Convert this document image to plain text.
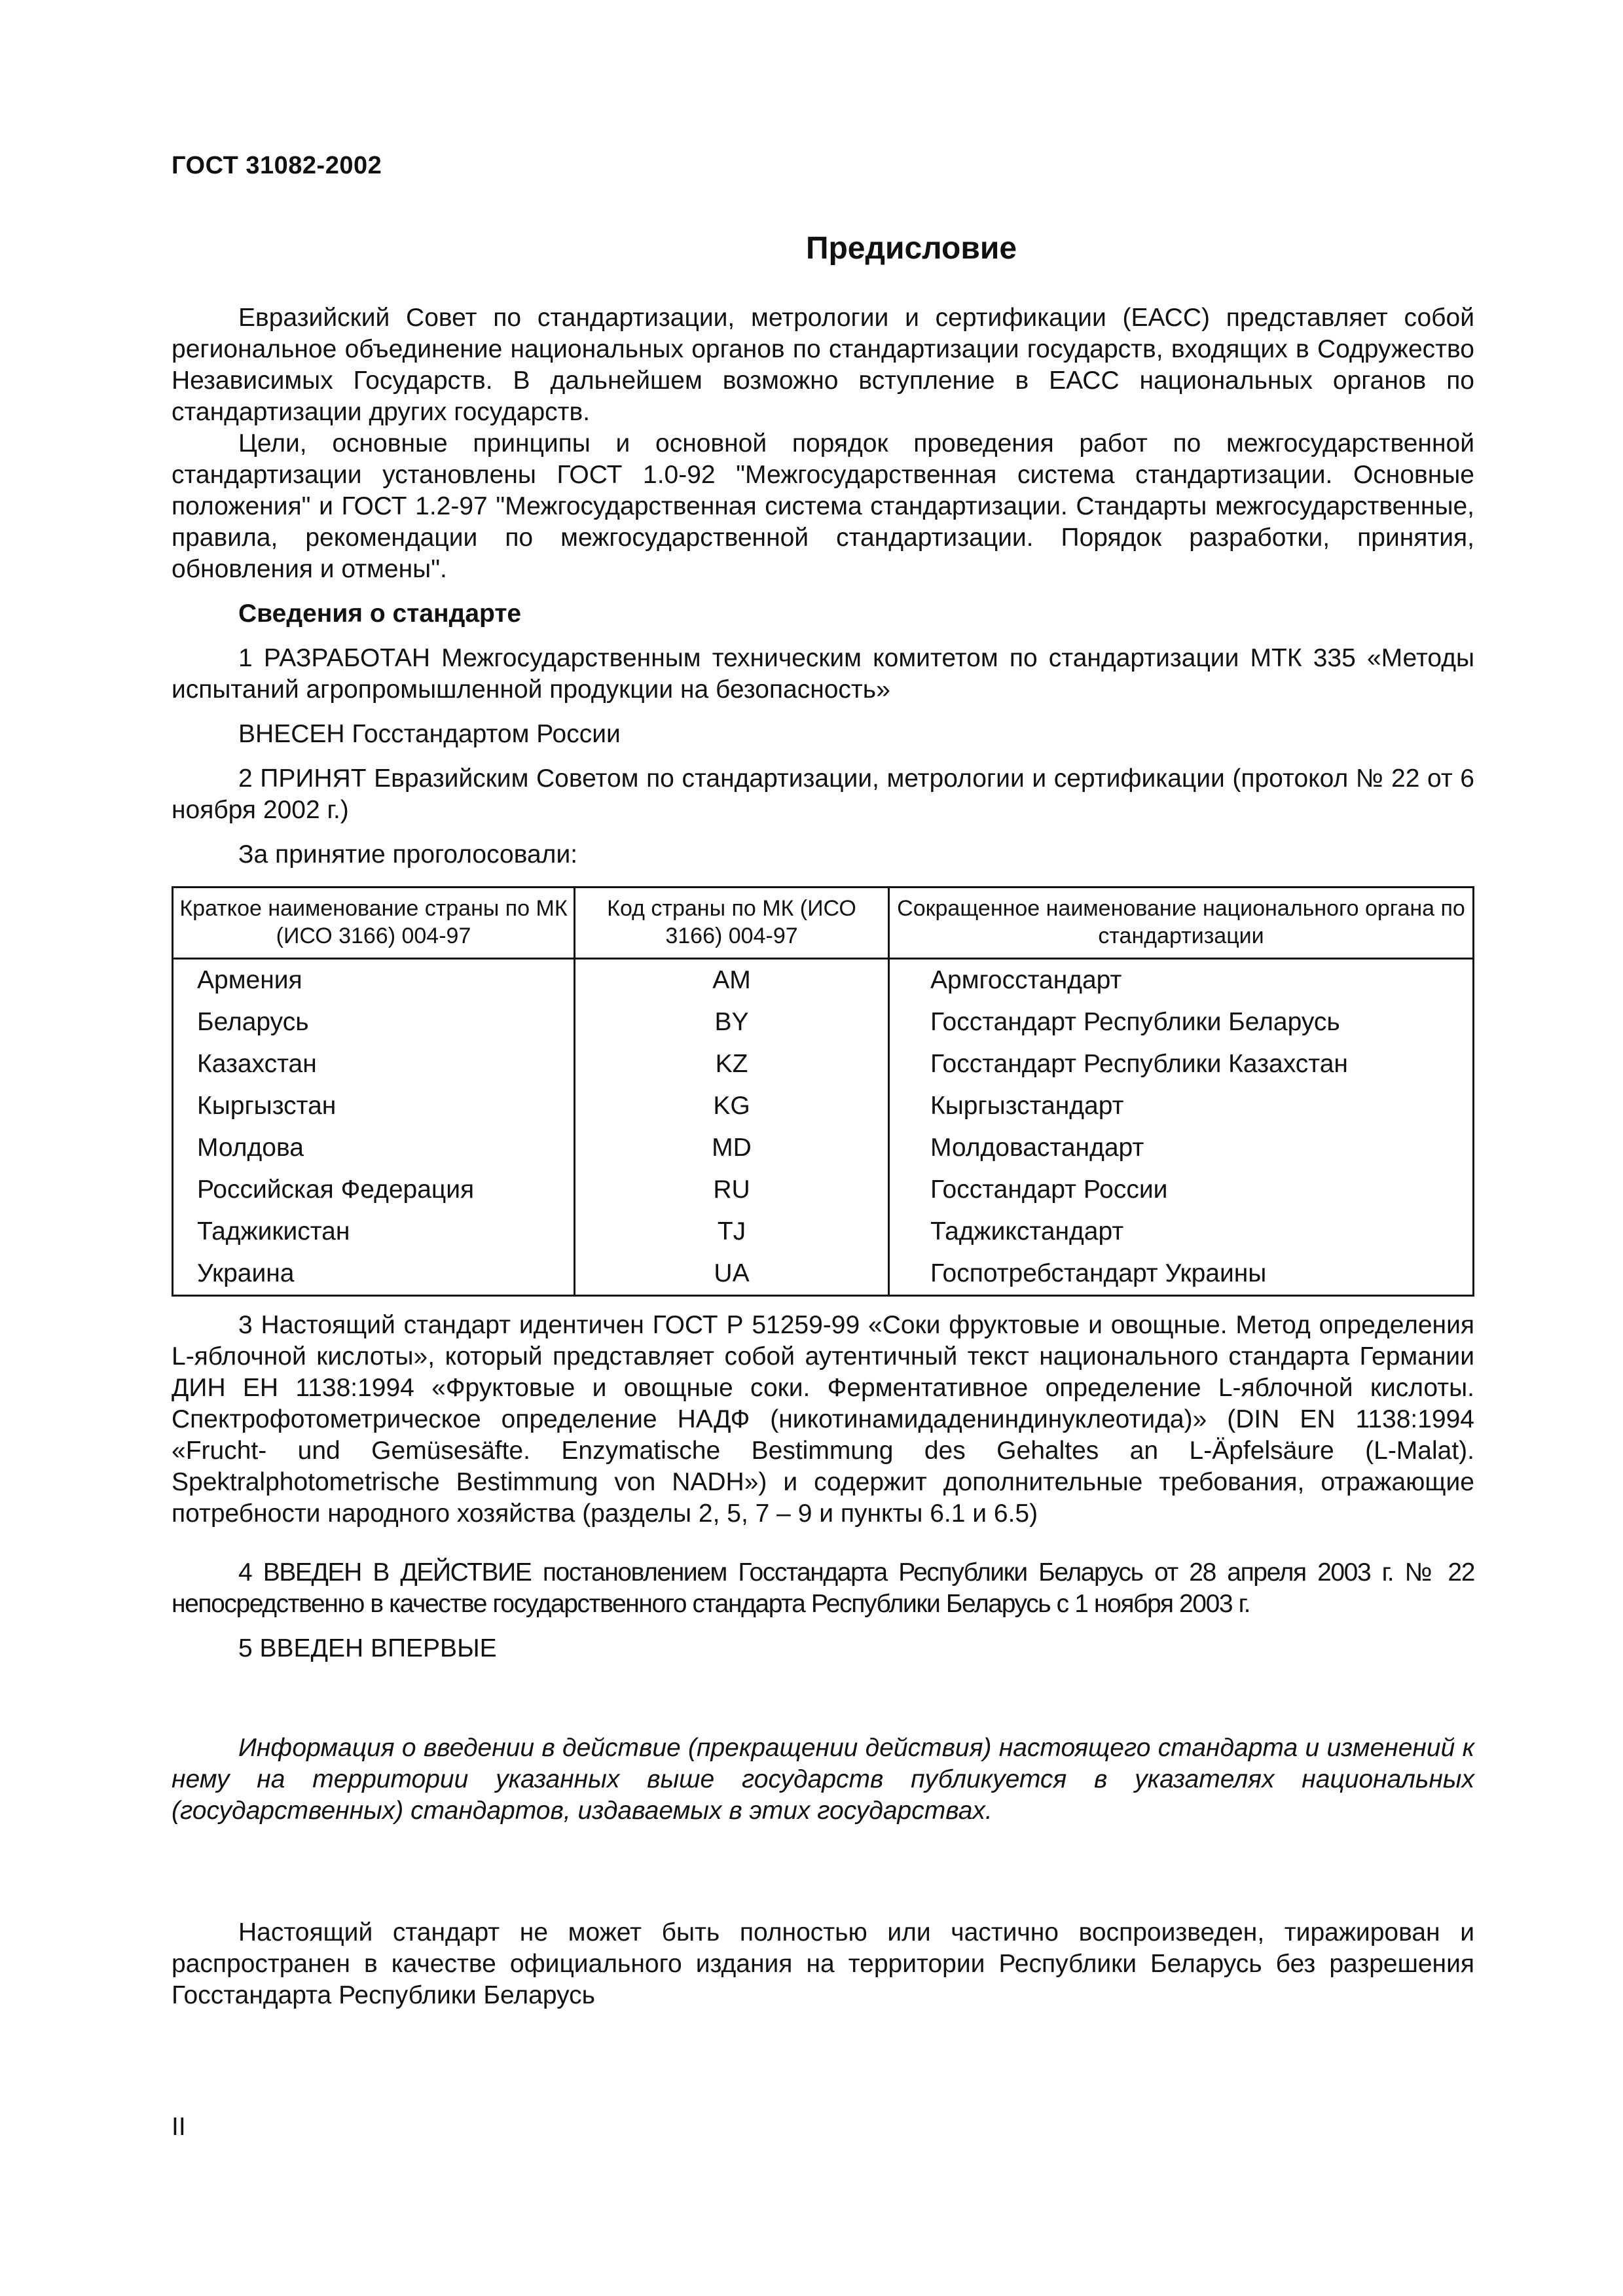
ГОСТ 31082-2002
Предисловие

Евразийский Совет по стандартизации, метрологии и сертификации (ЕАСС) представляет собой региональное объединение национальных органов по стандартизации государств, входящих в Содружество Независимых Государств. В дальнейшем возможно вступление в ЕАСС национальных органов по стандартизации других государств.

Цели, основные принципы и основной порядок проведения работ по межгосударственной стандартизации установлены ГОСТ 1.0-92 "Межгосударственная система стандартизации. Основные положения" и ГОСТ 1.2-97 "Межгосударственная система стандартизации. Стандарты межгосударственные, правила, рекомендации по межгосударственной стандартизации. Порядок разработки, принятия, обновления и отмены".

Сведения о стандарте

1 РАЗРАБОТАН Межгосударственным техническим комитетом по стандартизации МТК 335 «Методы испытаний агропромышленной продукции на безопасность»

ВНЕСЕН Госстандартом России

2 ПРИНЯТ Евразийским Советом по стандартизации, метрологии и сертификации (протокол № 22 от 6 ноября 2002 г.)

За принятие проголосовали:

Краткое наименование страны по МК (ИСО 3166) 004-97	Код страны по МК (ИСО 3166) 004-97	Сокращенное наименование национального органа по стандартизации
Армения	AM	Армгосстандарт
Беларусь	BY	Госстандарт Республики Беларусь
Казахстан	KZ	Госстандарт Республики Казахстан
Кыргызстан	KG	Кыргызстандарт
Молдова	MD	Молдовастандарт
Российская Федерация	RU	Госстандарт России
Таджикистан	TJ	Таджикстандарт
Украина	UA	Госпотребстандарт Украины

3 Настоящий стандарт идентичен ГОСТ Р 51259-99 «Соки фруктовые и овощные. Метод определения L-яблочной кислоты», который представляет собой аутентичный текст национального стандарта Германии ДИН ЕН 1138:1994 «Фруктовые и овощные соки. Ферментативное определение L-яблочной кислоты. Спектрофотометрическое определение НАДФ (никотинамидадениндинуклеотида)» (DIN EN 1138:1994 «Frucht- und Gemüsesäfte. Enzymatische Bestimmung des Gehaltes an L-Äpfelsäure (L-Malat). Spektralphotometrische Bestimmung von NADH») и содержит дополнительные требования, отражающие потребности народного хозяйства (разделы 2, 5, 7 – 9 и пункты 6.1 и 6.5)

4 ВВЕДЕН В ДЕЙСТВИЕ постановлением Госстандарта Республики Беларусь от 28 апреля 2003 г. № 22 непосредственно в качестве государственного стандарта Республики Беларусь с 1 ноября 2003 г.

5 ВВЕДЕН ВПЕРВЫЕ

Информация о введении в действие (прекращении действия) настоящего стандарта и изменений к нему на территории указанных выше государств публикуется в указателях национальных (государственных) стандартов, издаваемых в этих государствах.

Настоящий стандарт не может быть полностью или частично воспроизведен, тиражирован и распространен в качестве официального издания на территории Республики Беларусь без разрешения Госстандарта Республики Беларусь

II
